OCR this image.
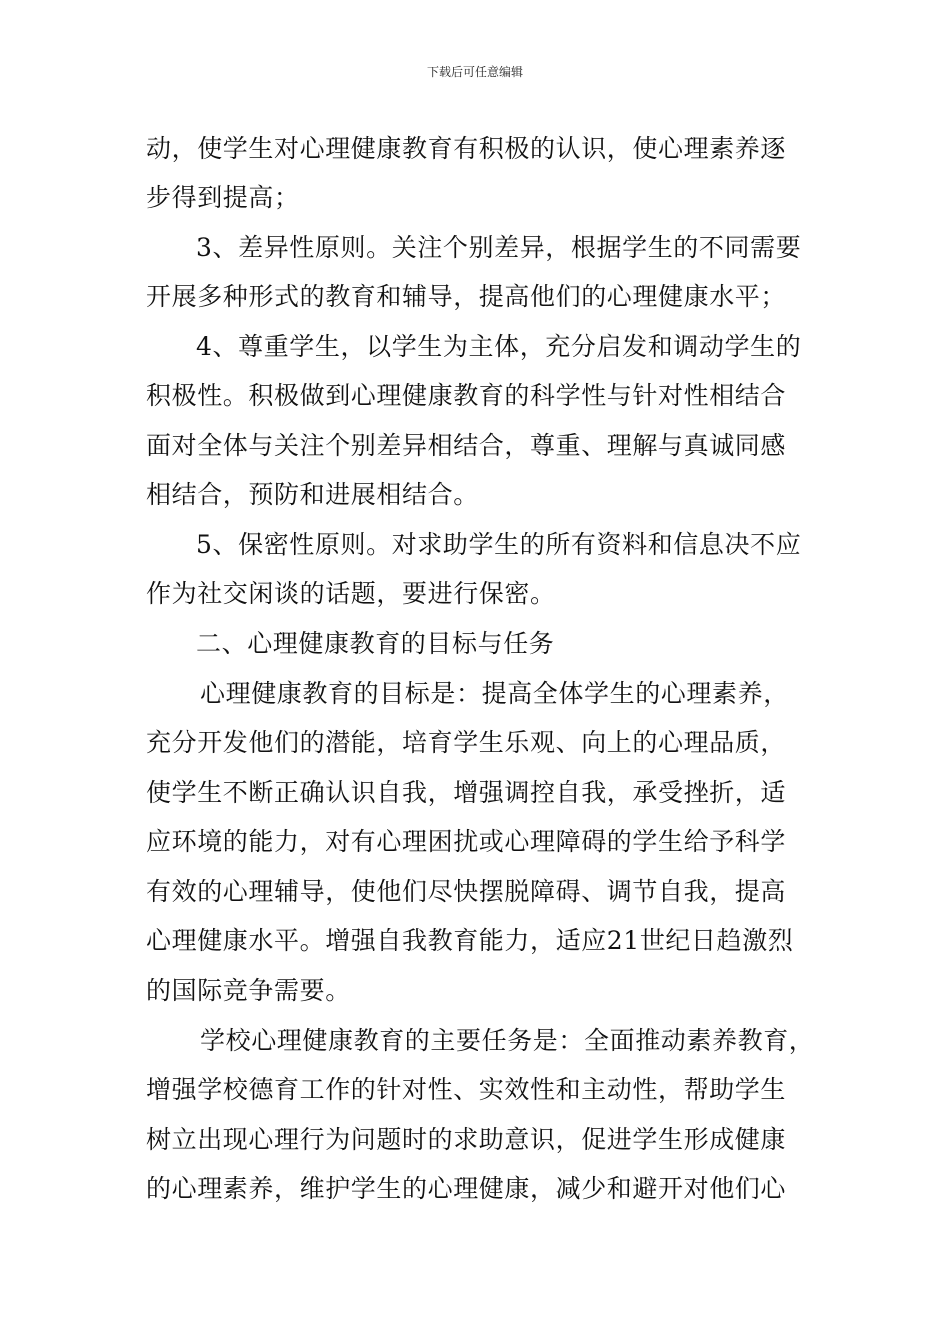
下载后可任意编辑
动，使学生对心理健康教育有积极的认识，使心理素养逐
步得到提高；
3、差异性原则。关注个别差异，根据学生的不同需要
开展多种形式的教育和辅导，提高他们的心理健康水平；
4、尊重学生，以学生为主体，充分启发和调动学生的
积极性。积极做到心理健康教育的科学性与针对性相结合
面对全体与关注个别差异相结合，尊重、理解与真诚同感
相结合，预防和进展相结合。
5、保密性原则。对求助学生的所有资料和信息决不应
作为社交闲谈的话题，要进行保密。
二、心理健康教育的目标与任务
心理健康教育的目标是：提高全体学生的心理素养，
充分开发他们的潜能，培育学生乐观、向上的心理品质，
使学生不断正确认识自我，增强调控自我，承受挫折，适
应环境的能力，对有心理困扰或心理障碍的学生给予科学
有效的心理辅导，使他们尽快摆脱障碍、调节自我，提高
心理健康水平。增强自我教育能力，适应21世纪日趋激烈
的国际竞争需要。
学校心理健康教育的主要任务是：全面推动素养教育，
增强学校德育工作的针对性、实效性和主动性，帮助学生
树立出现心理行为问题时的求助意识，促进学生形成健康
的心理素养，维护学生的心理健康，减少和避开对他们心
